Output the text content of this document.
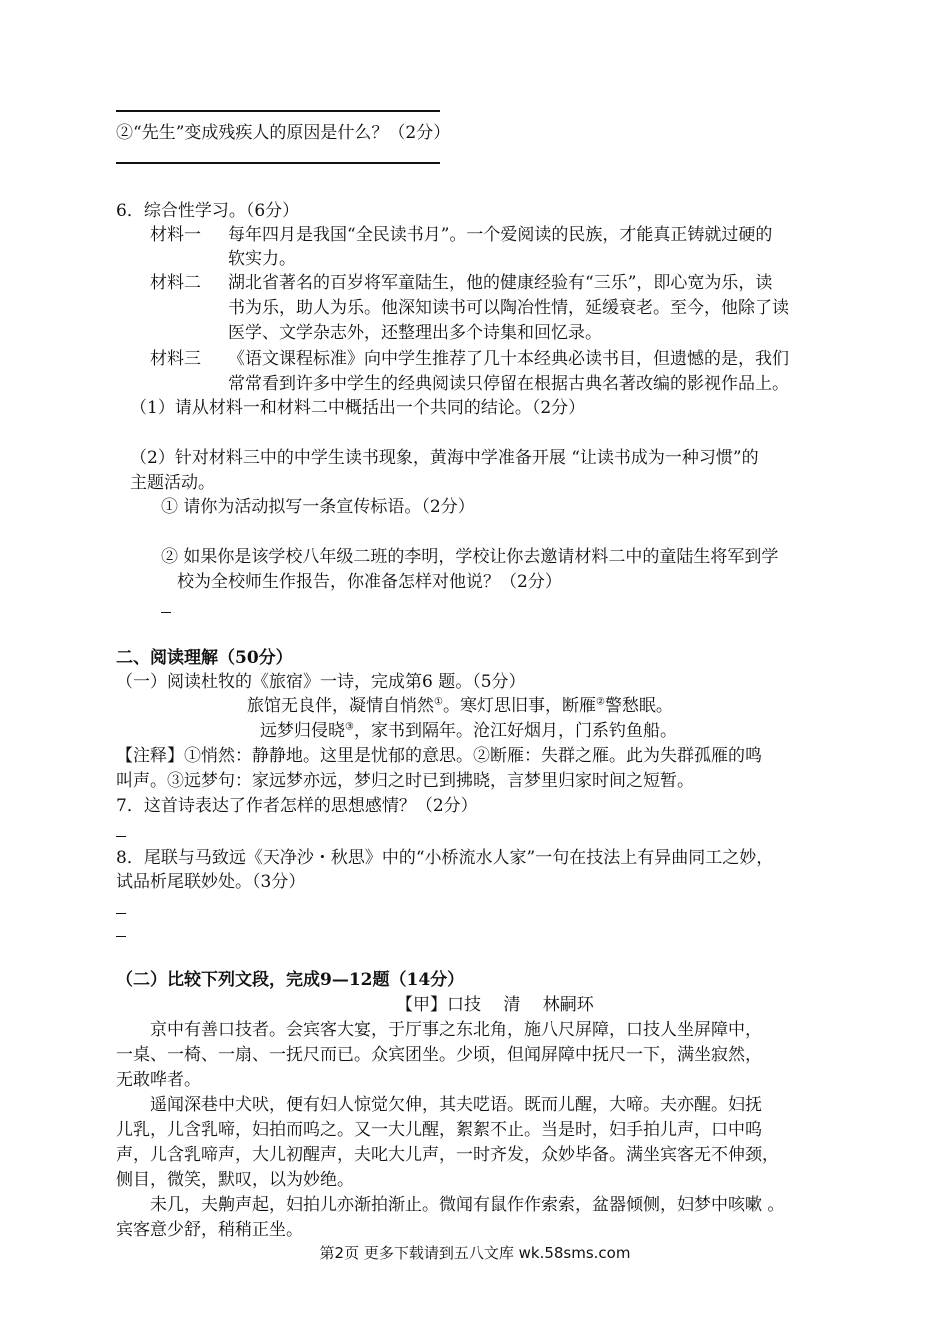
②“先生”变成残疾人的原因是什么？（2分）
6．综合性学习。（6分）
材料一 每年四月是我国“全民读书月”。一个爱阅读的民族，才能真正铸就过硬的
软实力。
材料二 湖北省著名的百岁将军童陆生，他的健康经验有“三乐”，即心宽为乐，读
书为乐，助人为乐。他深知读书可以陶冶性情，延缓衰老。至今，他除了读
医学、文学杂志外，还整理出多个诗集和回忆录。
材料三 《语文课程标准》向中学生推荐了几十本经典必读书目，但遗憾的是，我们
常常看到许多中学生的经典阅读只停留在根据古典名著改编的影视作品上。
（1）请从材料一和材料二中概括出一个共同的结论。（2分）
（2）针对材料三中的中学生读书现象，黄海中学准备开展 “让读书成为一种习惯”的
主题活动。
① 请你为活动拟写一条宣传标语。（2分）
② 如果你是该学校八年级二班的李明，学校让你去邀请材料二中的童陆生将军到学
校为全校师生作报告，你准备怎样对他说？（2分）
二、阅读理解（50分）
（一）阅读杜牧的《旅宿》一诗，完成第6 题。（5分）
旅馆无良伴，凝情自悄然①。寒灯思旧事，断雁②警愁眠。
远梦归侵晓③，家书到隔年。沧江好烟月，门系钓鱼船。
【注释】①悄然：静静地。这里是忧郁的意思。②断雁：失群之雁。此为失群孤雁的鸣
叫声。③远梦句：家远梦亦远，梦归之时已到拂晓，言梦里归家时间之短暂。
7．这首诗表达了作者怎样的思想感情？（2分）
8．尾联与马致远《天净沙・秋思》中的“小桥流水人家”一句在技法上有异曲同工之妙，
试品析尾联妙处。（3分）
（二）比较下列文段，完成9—12题（14分）
【甲】口技　 清　 林嗣环
京中有善口技者。会宾客大宴，于厅事之东北角，施八尺屏障，口技人坐屏障中，
一桌、一椅、一扇、一抚尺而已。众宾团坐。少顷，但闻屏障中抚尺一下，满坐寂然，
无敢哗者。
遥闻深巷中犬吠，便有妇人惊觉欠伸，其夫呓语。既而儿醒，大啼。夫亦醒。妇抚
儿乳，儿含乳啼，妇拍而呜之。又一大儿醒，絮絮不止。当是时，妇手拍儿声，口中呜
声，儿含乳啼声，大儿初醒声，夫叱大儿声，一时齐发，众妙毕备。满坐宾客无不伸颈，
侧目，微笑，默叹，以为妙绝。
未几，夫齁声起，妇拍儿亦渐拍渐止。微闻有鼠作作索索，盆器倾侧，妇梦中咳嗽 。
宾客意少舒，稍稍正坐。
第2页 更多下载请到五八文库 wk.58sms.com
